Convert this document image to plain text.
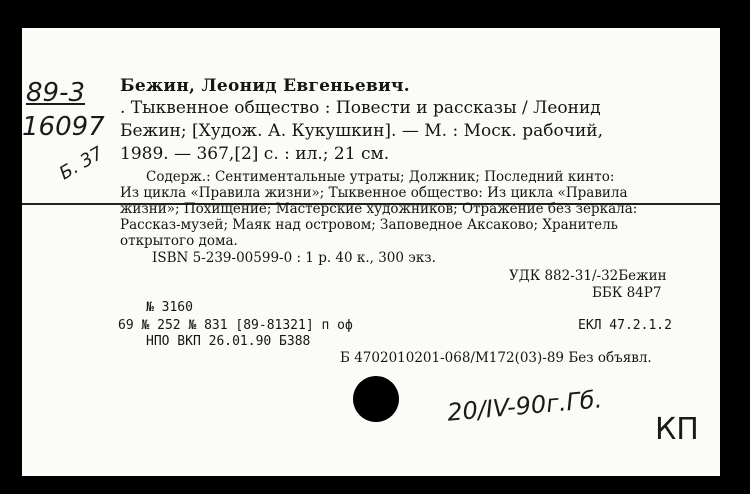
89-3
16097
Б. 37
Бежин, Леонид Евгеньевич.
. Тыквенное общество : Повести и рассказы / Леонид
Бежин; [Худож. А. Кукушкин]. — М. : Моск. рабочий,
1989. — 367,[2] с. : ил.; 21 см.
Содерж.: Сентиментальные утраты; Должник; Последний кинто:
Из цикла «Правила жизни»; Тыквенное общество: Из цикла «Правила
жизни»; Похищение; Мастерские художников; Отражение без зеркала:
Рассказ-музей; Маяк над островом; Заповедное Аксаково; Хранитель
открытого дома.
ISBN 5-239-00599-0 : 1 р. 40 к., 300 экз.
УДК 882-31/-32Бежин
ББК 84Р7
№ 3160
69 № 252 № 831 [89-81321] п оф	ЕКЛ 47.2.1.2
НПО ВКП 26.01.90 Б388
Б 4702010201-068/М172(03)-89 Без объявл.
20/IV-90г.Гб.
КП
